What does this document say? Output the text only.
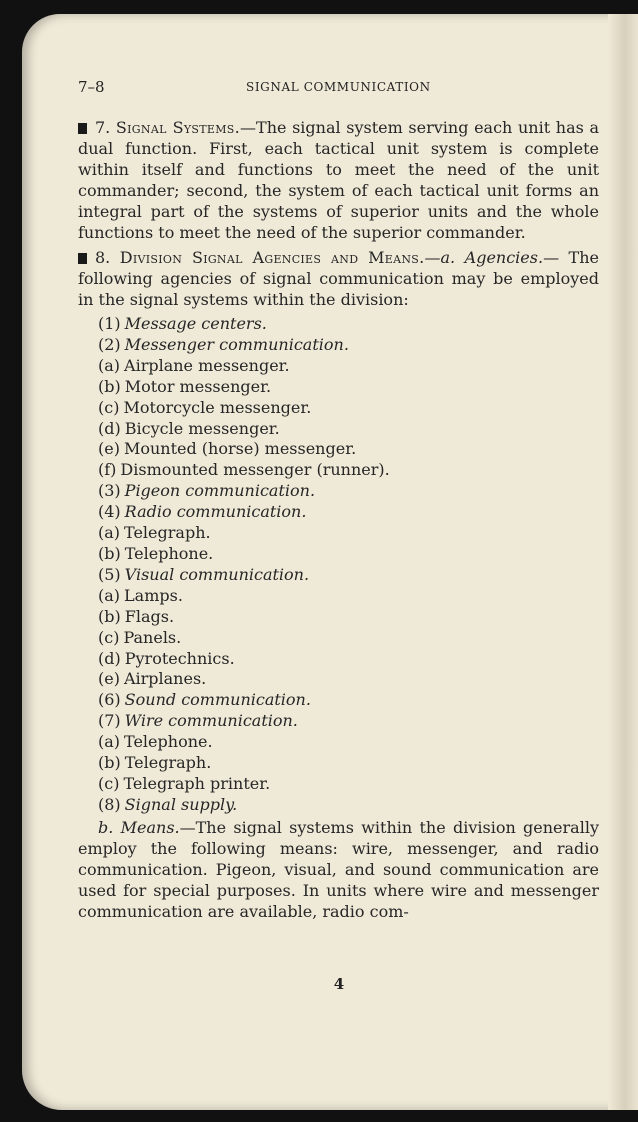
7–8	SIGNAL COMMUNICATION

7. Signal Systems.—The signal system serving each unit has a dual function. First, each tactical unit system is complete within itself and functions to meet the need of the unit commander; second, the system of each tactical unit forms an integral part of the systems of superior units and the whole functions to meet the need of the superior commander.

8. Division Signal Agencies and Means.—a. Agencies.— The following agencies of signal communication may be employed in the signal systems within the division:

(1) Message centers.
(2) Messenger communication.
(a) Airplane messenger.
(b) Motor messenger.
(c) Motorcycle messenger.
(d) Bicycle messenger.
(e) Mounted (horse) messenger.
(f) Dismounted messenger (runner).
(3) Pigeon communication.
(4) Radio communication.
(a) Telegraph.
(b) Telephone.
(5) Visual communication.
(a) Lamps.
(b) Flags.
(c) Panels.
(d) Pyrotechnics.
(e) Airplanes.
(6) Sound communication.
(7) Wire communication.
(a) Telephone.
(b) Telegraph.
(c) Telegraph printer.
(8) Signal supply.

b. Means.—The signal systems within the division generally employ the following means: wire, messenger, and radio communication. Pigeon, visual, and sound communication are used for special purposes. In units where wire and messenger communication are available, radio com-

4
